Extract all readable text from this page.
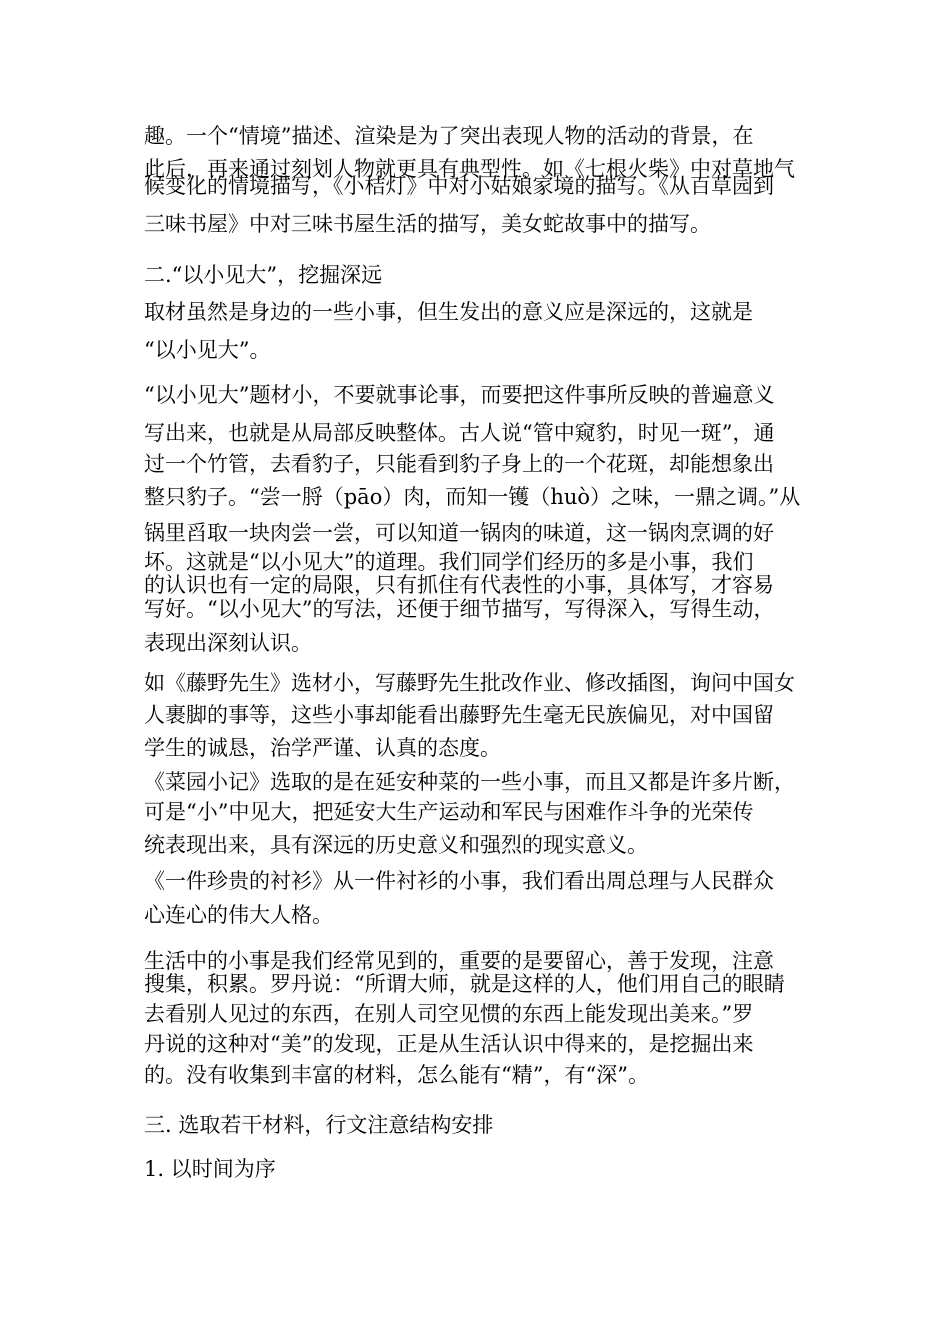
趣。一个“情境”描述、渲染是为了突出表现人物的活动的背景，在
此后，再来通过刻划人物就更具有典型性。如《七根火柴》中对草地气
候变化的情境描写，《小桔灯》中对小姑娘家境的描写。《从百草园到
三味书屋》中对三味书屋生活的描写，美女蛇故事中的描写。
二.“以小见大”，挖掘深远
取材虽然是身边的一些小事，但生发出的意义应是深远的，这就是
“以小见大”。
“以小见大”题材小，不要就事论事，而要把这件事所反映的普遍意义
写出来，也就是从局部反映整体。古人说“管中窥豹，时见一斑”，通
过一个竹管，去看豹子，只能看到豹子身上的一个花斑，却能想象出
整只豹子。“尝一脟（pāo）肉，而知一镬（huò）之味，一鼎之调。”从
锅里舀取一块肉尝一尝，可以知道一锅肉的味道，这一锅肉烹调的好
坏。这就是“以小见大”的道理。我们同学们经历的多是小事，我们
的认识也有一定的局限，只有抓住有代表性的小事，具体写，才容易
写好。“以小见大”的写法，还便于细节描写，写得深入，写得生动，
表现出深刻认识。
如《藤野先生》选材小，写藤野先生批改作业、修改插图，询问中国女
人裹脚的事等，这些小事却能看出藤野先生毫无民族偏见，对中国留
学生的诚恳，治学严谨、认真的态度。
《菜园小记》选取的是在延安种菜的一些小事，而且又都是许多片断，
可是“小”中见大，把延安大生产运动和军民与困难作斗争的光荣传
统表现出来，具有深远的历史意义和强烈的现实意义。
《一件珍贵的衬衫》从一件衬衫的小事，我们看出周总理与人民群众
心连心的伟大人格。
生活中的小事是我们经常见到的，重要的是要留心，善于发现，注意
搜集，积累。罗丹说：“所谓大师，就是这样的人，他们用自己的眼睛
去看别人见过的东西，在别人司空见惯的东西上能发现出美来。”罗
丹说的这种对“美”的发现，正是从生活认识中得来的，是挖掘出来
的。没有收集到丰富的材料，怎么能有“精”，有“深”。
三. 选取若干材料，行文注意结构安排
1. 以时间为序
